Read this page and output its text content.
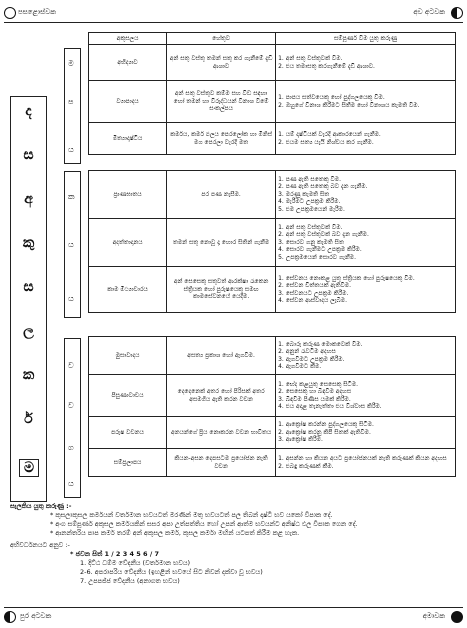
පසළොස්වක	අව අටවක
ද
ස
අ
කු
ස
ල
ක
ර්
ම
ම
ප
ය
ක
ය
ය
ව
ව
ග
ය
අකුසලය	හේතුව	සම්පූර්ණ වීම යුතු කරුණු
අභිද්‍යාව	අන් සතු වස්තු තමන් සතු කර ගැනීමේ දැඩි ආශාව	1. අන් සතු වස්තුවක් වීම.
2. එය තමාසතු කරගැනීමේ දැඩි ආශාව.

ව්‍යාපාදය	අන් සතු වස්තුව කම්ම සහ විඩ සඳහා හෝ තමන් හා විරුද්ධයන් විනාශ වීමේ සංකල්පය	1. පාපය සත්වයෙකු හෝ පුද්ගලයෙකු වීම.
2. ඔහුගේ විනාශ කිරීමට සිතීම හෝ විනාශය කැමති වීම.

මිත්‍යාදෘෂ්ටිය	කර්මය, කර්ම ඵලය පෙරලෝක හා මිනිස් මග පෙරලා වැරදි මත	1. යම් දෘෂ්ටියක් වැරදි ආකාරයෙන් ගැනීම.
2. එයම සත්‍ය යැයි නිශ්චය කර ගැනීම.
ප්‍රාණඝාතය	පර පණ නැසීම.	1. පණ ඇති සතෙකු වීම.
2. පණ ඇති සතෙකු බව දැන ගැනීම.
3. මරණු කැමති සිත
4. මැරීමට උපක්‍රම කිරීම.
5. එම උපක්‍රමයෙන් මැරීම.

අදත්තාදානය	තමන් සතු නොවූ දෑ හොර සිතින් ගැනීම	1. අන් සතු වස්තුවක් වීම.
2. අන් සතු වස්තුවක් බව දැන ගැනීම.
3. සොරව ගනු කැමති සිත
4. සොරව ගැනීමට උපක්‍රම කිරීම.
5. උපක්‍රමයෙන් සොරව ගැනීම.

කාම මිථ්‍යාචාරය	අන් සෙසෙකු සතුවත් ආරක්ෂා රැකෙන ස්ත්‍රියක හෝ පුරුෂයෙකු සමඟ කාමසේවනයේ යෙදීම.	1. සේවනය නොකළ යුතු ස්ත්‍රියක හෝ පුරුෂයෙකු වීම.
2. සේවන චිත්තයක් ඇතිවීම.
3. සේවනයට උපක්‍රම කිරීම.
4. සේවන ආස්වාදය ලැබීම.
මුසාවාදය	අසත්‍ය ප්‍රකාශ හෝ ඇගවීම.	1. බොරු කරුණ මොකවෙක් වීම.
2. අනුන් රැවටීම අදහස
3. ඇගවීමට උපක්‍රම කිරීම.
4. ඇගවීමට කීම.

පිසුණාවාචය	දෙදෙනෙක් අතර හෝ පිරිසක් අතර අසමගිය ඇති කරන වචන	1. භේද කළයුතු සෙසෙකු සිටීම.
2. සෙසෙකු හා බිඳවීම අදහස
3. බිඳවීම පිණිස යමක් කිරීම.
4. එය අදාළ තැනැත්තා එය විශ්වාස කිරීම.

පරුෂ වචනය	අනයන්ගේ ප්‍රිය නොකරන වචන භාවිතය	1. ආක්‍රෝෂ කරන්න පුද්ගලයෙකු සිටීම.
2. ආක්‍රෝෂ කරනු කිපී සිතක් ඇතිවීම.
3. ආක්‍රෝෂ කිරීම.

සම්ප්‍රලාපය	කියන-අසන දෙපසටම ප්‍රයෝජන නැති වචන	1. අසන්න හා කියන අයට ප්‍රයෝජනයක් නැති කරුණක් කියන අදහස
2. එබඳු කරුණක් කීම.

සැලකිය යුතු කරුණු :-

* කුසලාකුසල කර්මයන් වර්තමාන භවයටත් මරණින් මතු භවයටත් පල තිබන් දෘෂ්ටි භව යකෝ විපාක දේ.

* අංග සම්පූර්ණ අකුසල කර්මයකින් සසර අපා උත්පත්තිය හෝ උපන් ආත්ම භවයන්ට අනිෂ්ඨ ඵල විපාක ගෙන දේ.

* ආනන්තරිය පාප කර්ම තරම් අන් අකුසල කර්ම, කුසල කර්මා මඟින් යටපත් කිරීම කළ හැක.

අභිවර්ධනයට අනුව :-

* ජවන සිත් 1 / 2 3 4 5 6 / 7

1. දිට්ඨ ධම්ම වේදනීය (වර්තමාන භවය)

2-6. අපරාපරිය වේදනීය (ඉහළින් භවයේ සිට නිවන් දක්වා වූ භවය)

7. උපපජ්ජ වේදනීය (අනාගත භවය)

පුර අටවක	අමාවක
